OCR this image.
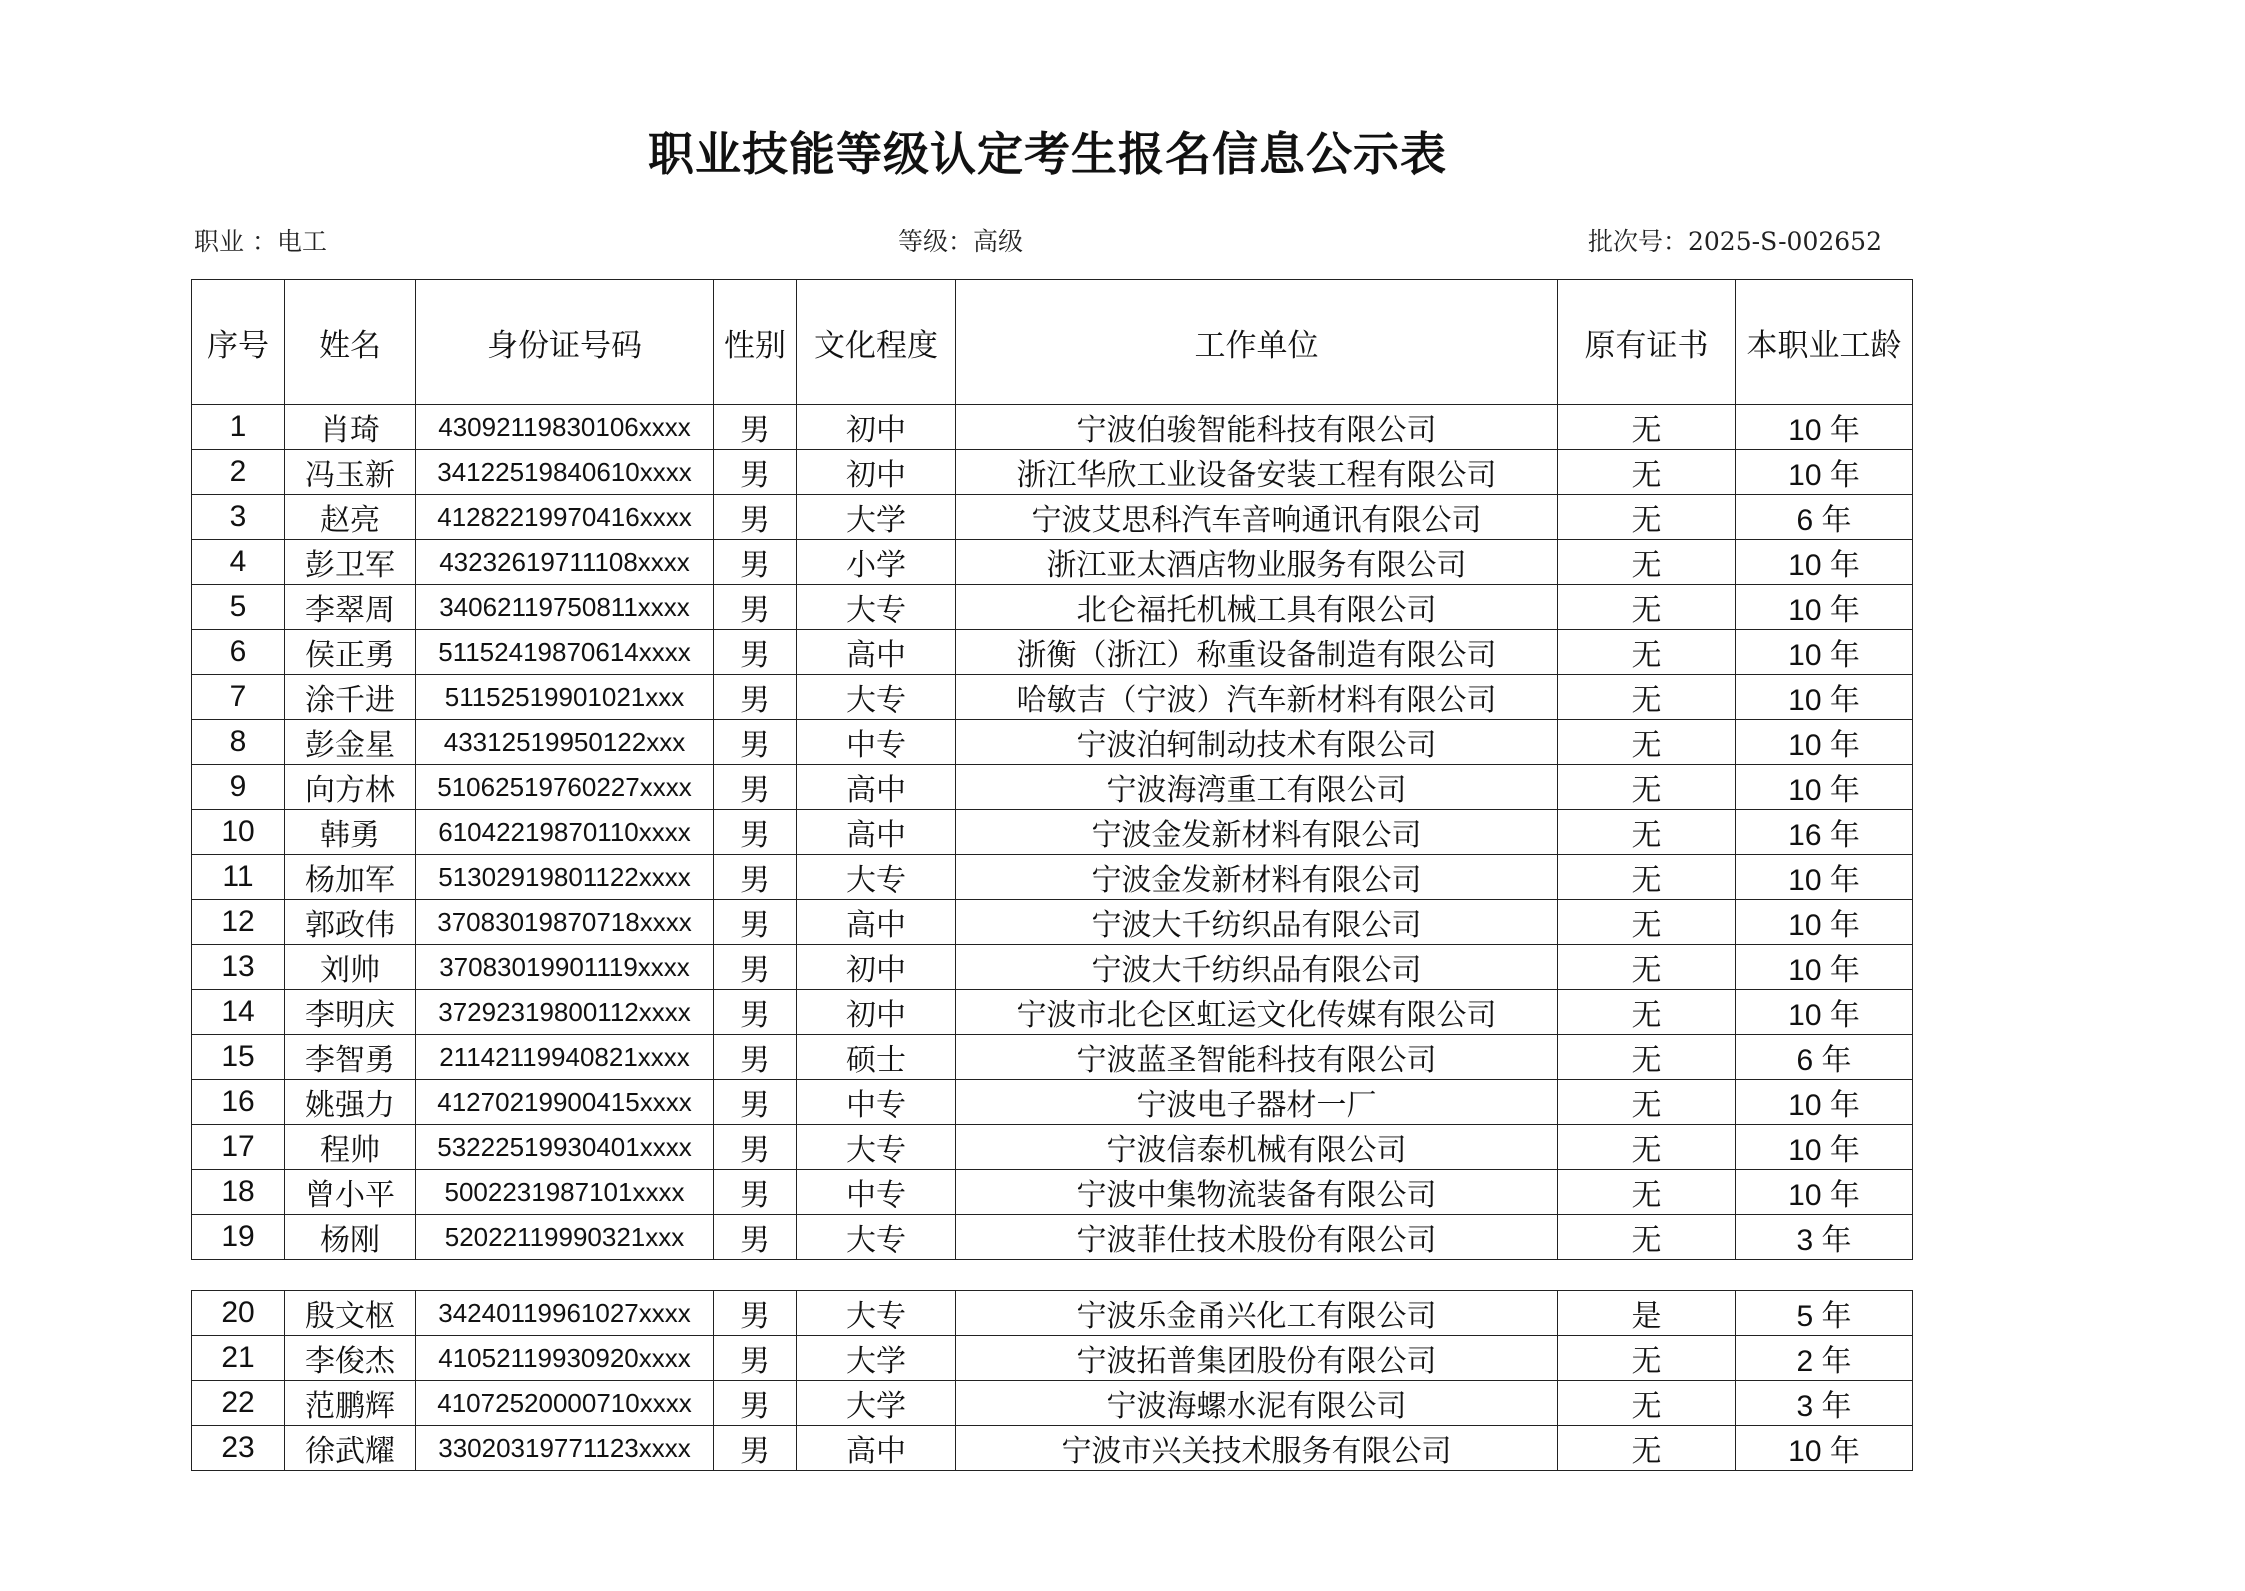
职业技能等级认定考生报名信息公示表
职业 ：电工	等级：高级	批次号：2025-S-002652
序号	姓名	身份证号码	性别	文化程度	工作单位	原有证书	本职业工龄
1	肖琦	43092119830106xxxx	男	初中	宁波伯骏智能科技有限公司	无	10 年
2	冯玉新	34122519840610xxxx	男	初中	浙江华欣工业设备安装工程有限公司	无	10 年
3	赵亮	41282219970416xxxx	男	大学	宁波艾思科汽车音响通讯有限公司	无	6 年
4	彭卫军	43232619711108xxxx	男	小学	浙江亚太酒店物业服务有限公司	无	10 年
5	李翠周	34062119750811xxxx	男	大专	北仑福托机械工具有限公司	无	10 年
6	侯正勇	51152419870614xxxx	男	高中	浙衡（浙江）称重设备制造有限公司	无	10 年
7	涂千进	51152519901021xxx	男	大专	哈敏吉（宁波）汽车新材料有限公司	无	10 年
8	彭金星	43312519950122xxx	男	中专	宁波泊轲制动技术有限公司	无	10 年
9	向方林	51062519760227xxxx	男	高中	宁波海湾重工有限公司	无	10 年
10	韩勇	61042219870110xxxx	男	高中	宁波金发新材料有限公司	无	16 年
11	杨加军	51302919801122xxxx	男	大专	宁波金发新材料有限公司	无	10 年
12	郭政伟	37083019870718xxxx	男	高中	宁波大千纺织品有限公司	无	10 年
13	刘帅	37083019901119xxxx	男	初中	宁波大千纺织品有限公司	无	10 年
14	李明庆	37292319800112xxxx	男	初中	宁波市北仑区虹运文化传媒有限公司	无	10 年
15	李智勇	21142119940821xxxx	男	硕士	宁波蓝圣智能科技有限公司	无	6 年
16	姚强力	41270219900415xxxx	男	中专	宁波电子器材一厂	无	10 年
17	程帅	53222519930401xxxx	男	大专	宁波信泰机械有限公司	无	10 年
18	曾小平	5002231987101xxxx	男	中专	宁波中集物流装备有限公司	无	10 年
19	杨刚	52022119990321xxx	男	大专	宁波菲仕技术股份有限公司	无	3 年
20	殷文枢	34240119961027xxxx	男	大专	宁波乐金甬兴化工有限公司	是	5 年
21	李俊杰	41052119930920xxxx	男	大学	宁波拓普集团股份有限公司	无	2 年
22	范鹏辉	41072520000710xxxx	男	大学	宁波海螺水泥有限公司	无	3 年
23	徐武耀	33020319771123xxxx	男	高中	宁波市兴关技术服务有限公司	无	10 年
